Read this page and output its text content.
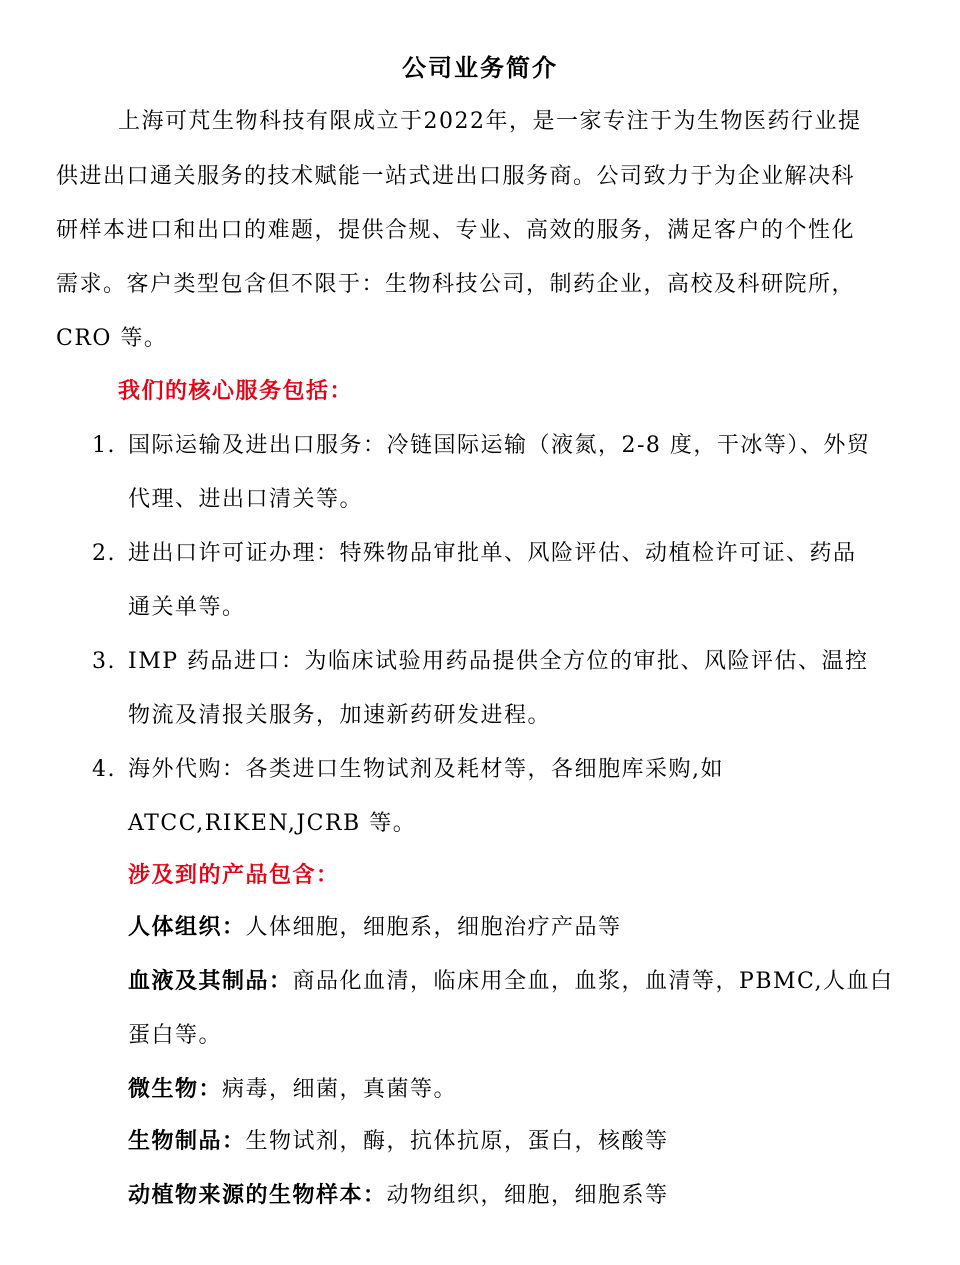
公司业务简介
上海可芃生物科技有限成立于2022年，是一家专注于为生物医药行业提
供进出口通关服务的技术赋能一站式进出口服务商。公司致力于为企业解决科
研样本进口和出口的难题，提供合规、专业、高效的服务，满足客户的个性化
需求。客户类型包含但不限于：生物科技公司，制药企业，高校及科研院所，
CRO 等。
我们的核心服务包括：
1. 国际运输及进出口服务：冷链国际运输（液氮，2-8 度，干冰等）、外贸
代理、进出口清关等。
2. 进出口许可证办理：特殊物品审批单、风险评估、动植检许可证、药品
通关单等。
3. IMP 药品进口：为临床试验用药品提供全方位的审批、风险评估、温控
物流及清报关服务，加速新药研发进程。
4. 海外代购：各类进口生物试剂及耗材等，各细胞库采购,如
ATCC,RIKEN,JCRB 等。
涉及到的产品包含：
人体组织：人体细胞，细胞系，细胞治疗产品等
血液及其制品：商品化血清，临床用全血，血浆，血清等，PBMC,人血白
蛋白等。
微生物：病毒，细菌，真菌等。
生物制品：生物试剂，酶，抗体抗原，蛋白，核酸等
动植物来源的生物样本：动物组织，细胞，细胞系等
